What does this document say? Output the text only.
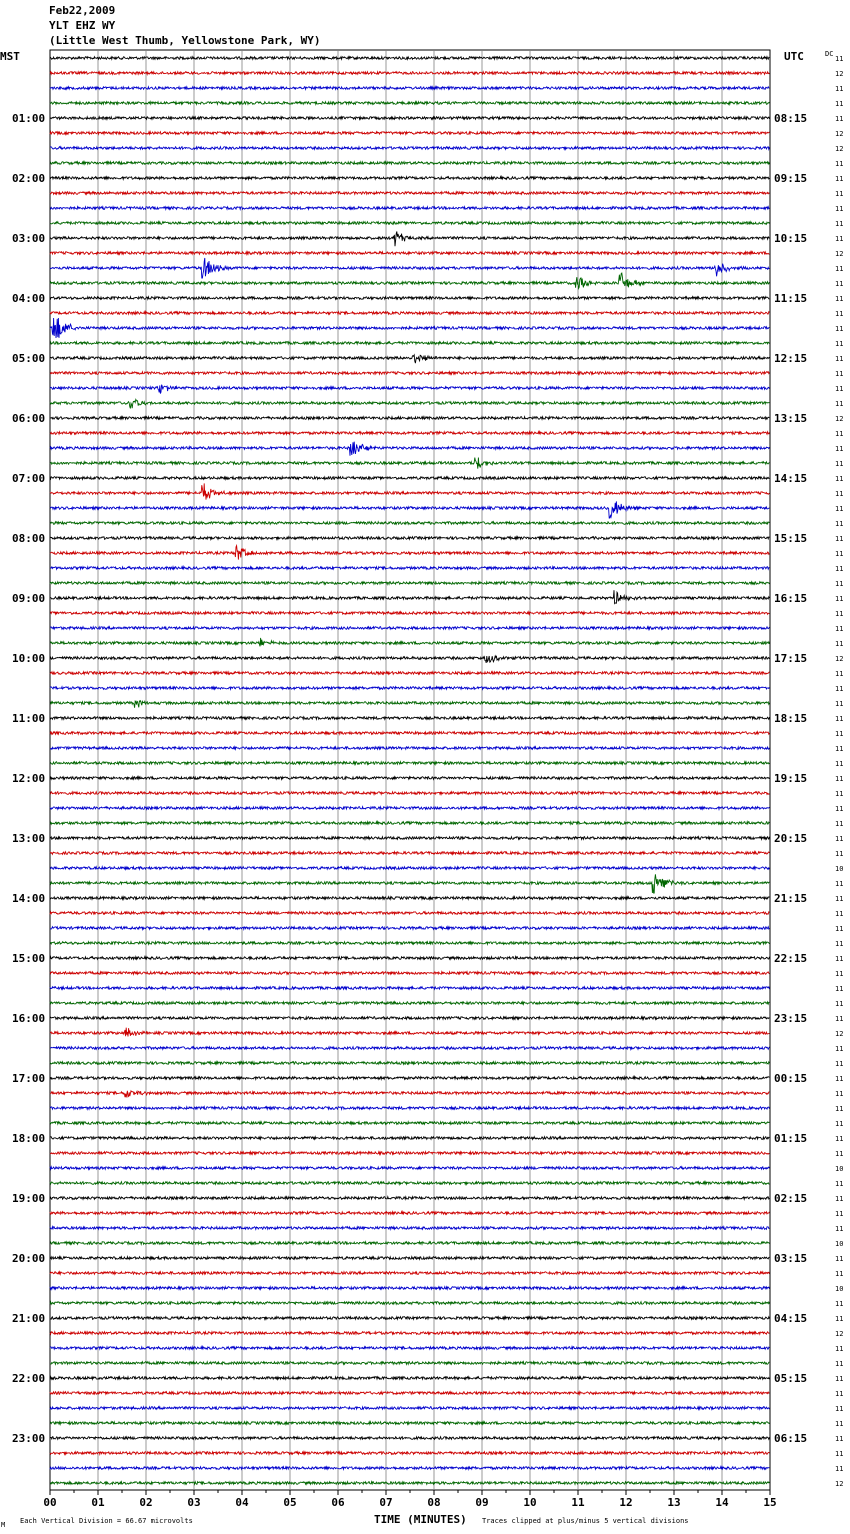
Feb22,2009
YLT EHZ WY
(Little West Thumb, Yellowstone Park, WY)
00	01	02	03	04	05	06	07	08	09	10	11	12	13	14	15
11
12
11
11
11
12
12
11
11
11
11
11
11
12
11
11
11
11
11
11
11
11
11
11
12
11
11
11
11
11
11
11
11
11
11
11
11
11
11
11
12
11
11
11
11
11
11
11
11
11
11
11
11
11
10
11
11
11
11
11
11
11
11
11
11
12
11
11
11
11
11
11
11
11
10
11
11
11
11
10
11
11
10
11
11
12
11
11
11
11
11
11
11
11
11
12
01:00
02:00
03:00
04:00
05:00
06:00
07:00
08:00
09:00
10:00
11:00
12:00
13:00
14:00
15:00
16:00
17:00
18:00
19:00
20:00
21:00
22:00
23:00
08:15
09:15
10:15
11:15
12:15
13:15
14:15
15:15
16:15
17:15
18:15
19:15
20:15
21:15
22:15
23:15
00:15
01:15
02:15
03:15
04:15
05:15
06:15
MST	UTC	DC
TIME (MINUTES)
Each Vertical Division = 66.67 microvolts
M	Traces clipped at plus/minus 5 vertical divisions
